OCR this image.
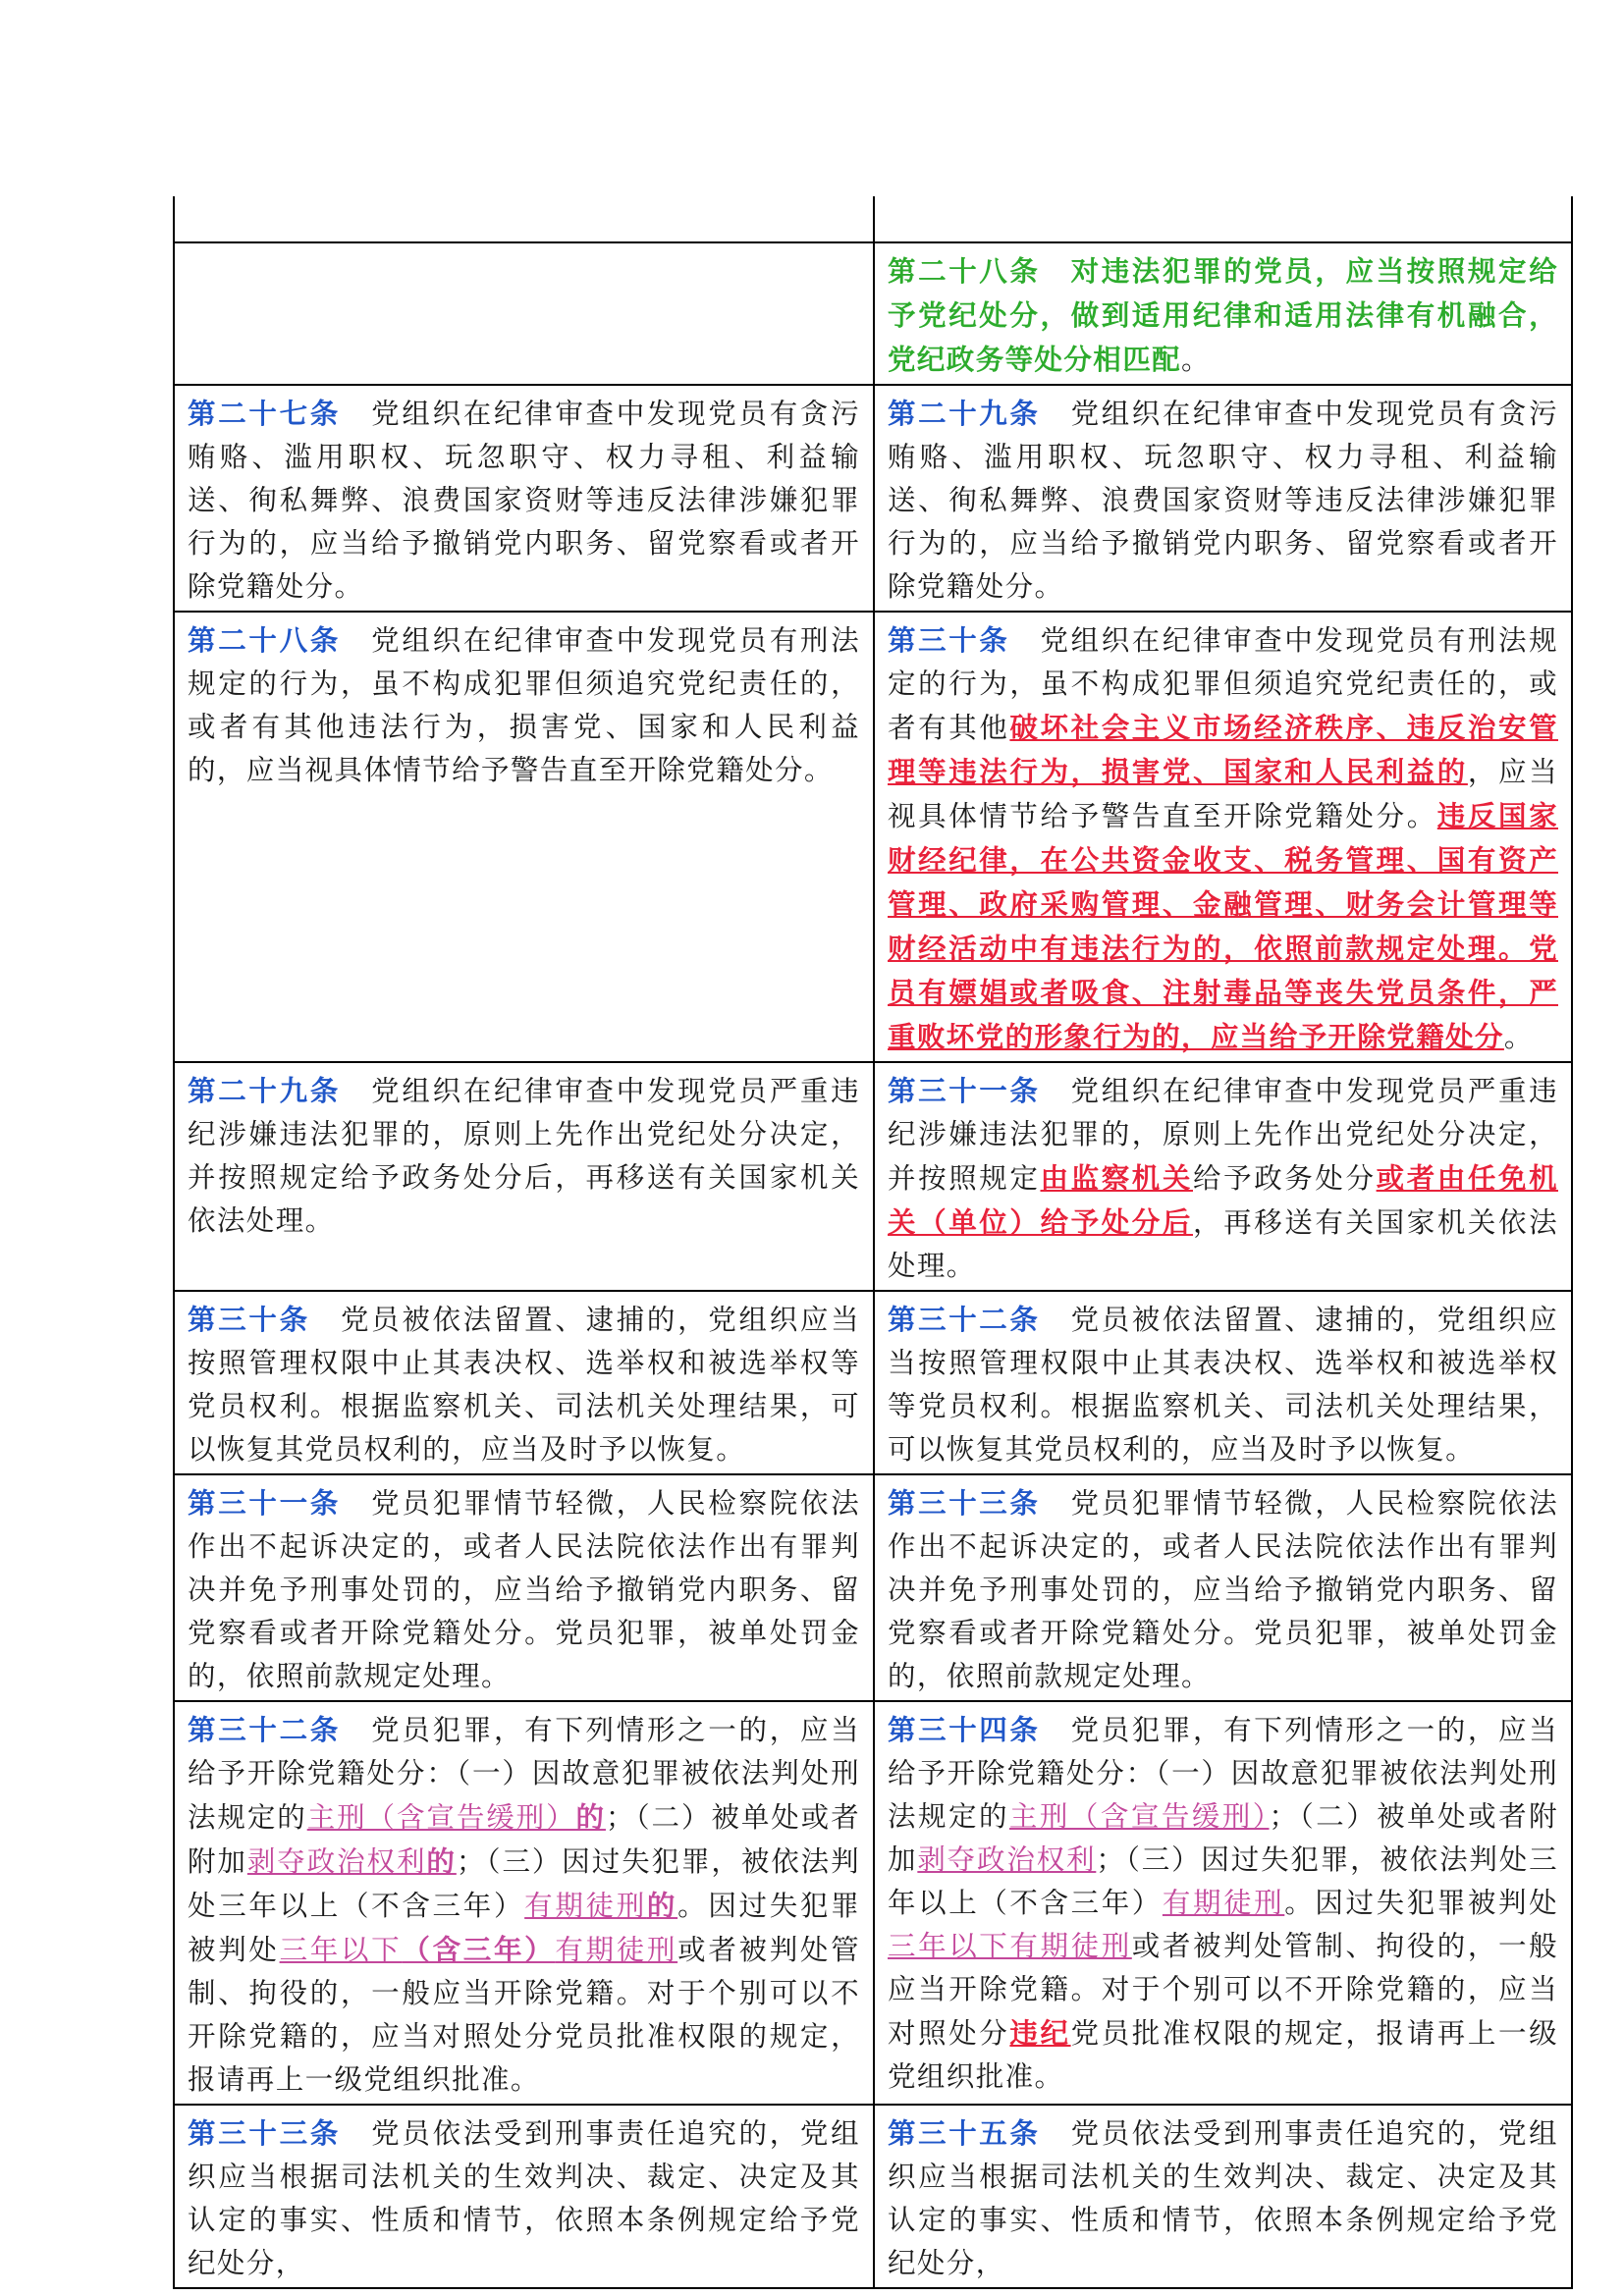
	第二十八条　对违法犯罪的党员，应当按照规定给予党纪处分，做到适用纪律和适用法律有机融合，党纪政务等处分相匹配。
第二十七条　党组织在纪律审查中发现党员有贪污贿赂、滥用职权、玩忽职守、权力寻租、利益输送、徇私舞弊、浪费国家资财等违反法律涉嫌犯罪行为的，应当给予撤销党内职务、留党察看或者开除党籍处分。	第二十九条　党组织在纪律审查中发现党员有贪污贿赂、滥用职权、玩忽职守、权力寻租、利益输送、徇私舞弊、浪费国家资财等违反法律涉嫌犯罪行为的，应当给予撤销党内职务、留党察看或者开除党籍处分。
第二十八条　党组织在纪律审查中发现党员有刑法规定的行为，虽不构成犯罪但须追究党纪责任的，或者有其他违法行为，损害党、国家和人民利益的，应当视具体情节给予警告直至开除党籍处分。	第三十条　党组织在纪律审查中发现党员有刑法规定的行为，虽不构成犯罪但须追究党纪责任的，或者有其他破坏社会主义市场经济秩序、违反治安管理等违法行为，损害党、国家和人民利益的，应当视具体情节给予警告直至开除党籍处分。违反国家财经纪律，在公共资金收支、税务管理、国有资产管理、政府采购管理、金融管理、财务会计管理等财经活动中有违法行为的，依照前款规定处理。党员有嫖娼或者吸食、注射毒品等丧失党员条件，严重败坏党的形象行为的，应当给予开除党籍处分。
第二十九条　党组织在纪律审查中发现党员严重违纪涉嫌违法犯罪的，原则上先作出党纪处分决定，并按照规定给予政务处分后，再移送有关国家机关依法处理。	第三十一条　党组织在纪律审查中发现党员严重违纪涉嫌违法犯罪的，原则上先作出党纪处分决定，并按照规定由监察机关给予政务处分或者由任免机关（单位）给予处分后，再移送有关国家机关依法处理。
第三十条　党员被依法留置、逮捕的，党组织应当按照管理权限中止其表决权、选举权和被选举权等党员权利。根据监察机关、司法机关处理结果，可以恢复其党员权利的，应当及时予以恢复。	第三十二条　党员被依法留置、逮捕的，党组织应当按照管理权限中止其表决权、选举权和被选举权等党员权利。根据监察机关、司法机关处理结果，可以恢复其党员权利的，应当及时予以恢复。
第三十一条　党员犯罪情节轻微，人民检察院依法作出不起诉决定的，或者人民法院依法作出有罪判决并免予刑事处罚的，应当给予撤销党内职务、留党察看或者开除党籍处分。党员犯罪，被单处罚金的，依照前款规定处理。	第三十三条　党员犯罪情节轻微，人民检察院依法作出不起诉决定的，或者人民法院依法作出有罪判决并免予刑事处罚的，应当给予撤销党内职务、留党察看或者开除党籍处分。党员犯罪，被单处罚金的，依照前款规定处理。
第三十二条　党员犯罪，有下列情形之一的，应当给予开除党籍处分：（一）因故意犯罪被依法判处刑法规定的主刑（含宣告缓刑）的；（二）被单处或者附加剥夺政治权利的；（三）因过失犯罪，被依法判处三年以上（不含三年）有期徒刑的。因过失犯罪被判处三年以下（含三年）有期徒刑或者被判处管制、拘役的，一般应当开除党籍。对于个别可以不开除党籍的，应当对照处分党员批准权限的规定，报请再上一级党组织批准。	第三十四条　党员犯罪，有下列情形之一的，应当给予开除党籍处分：（一）因故意犯罪被依法判处刑法规定的主刑（含宣告缓刑）；（二）被单处或者附加剥夺政治权利；（三）因过失犯罪，被依法判处三年以上（不含三年）有期徒刑。因过失犯罪被判处三年以下有期徒刑或者被判处管制、拘役的，一般应当开除党籍。对于个别可以不开除党籍的，应当对照处分违纪党员批准权限的规定，报请再上一级党组织批准。
第三十三条　党员依法受到刑事责任追究的，党组织应当根据司法机关的生效判决、裁定、决定及其认定的事实、性质和情节，依照本条例规定给予党纪处分，	第三十五条　党员依法受到刑事责任追究的，党组织应当根据司法机关的生效判决、裁定、决定及其认定的事实、性质和情节，依照本条例规定给予党纪处分，
